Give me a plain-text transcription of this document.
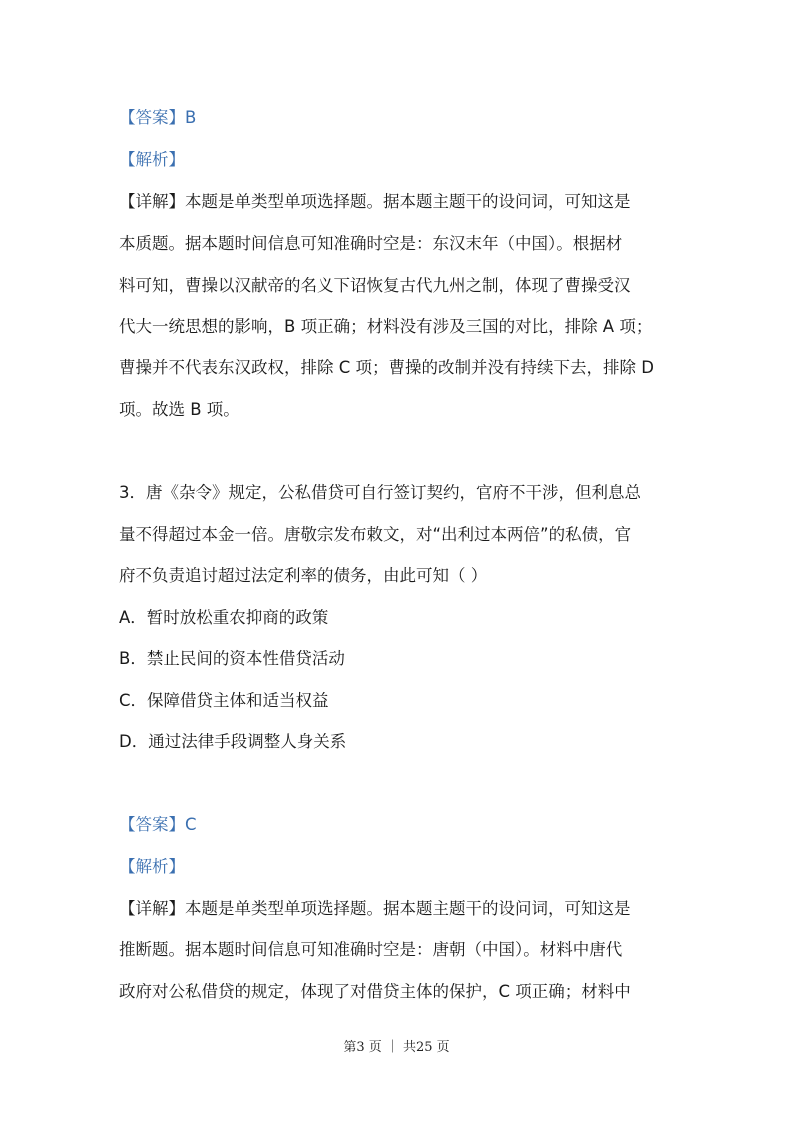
【答案】B
【解析】
【详解】本题是单类型单项选择题。据本题主题干的设问词，可知这是
本质题。据本题时间信息可知准确时空是：东汉末年（中国）。根据材
料可知，曹操以汉献帝的名义下诏恢复古代九州之制，体现了曹操受汉
代大一统思想的影响，B 项正确；材料没有涉及三国的对比，排除 A 项；
曹操并不代表东汉政权，排除 C 项；曹操的改制并没有持续下去，排除 D
项。故选 B 项。
3．唐《杂令》规定，公私借贷可自行签订契约，官府不干涉，但利息总
量不得超过本金一倍。唐敬宗发布敕文，对“出利过本两倍”的私债，官
府不负责追讨超过法定利率的债务，由此可知（ ）
A．暂时放松重农抑商的政策
B．禁止民间的资本性借贷活动
C．保障借贷主体和适当权益
D．通过法律手段调整人身关系
【答案】C
【解析】
【详解】本题是单类型单项选择题。据本题主题干的设问词，可知这是
推断题。据本题时间信息可知准确时空是：唐朝（中国）。材料中唐代
政府对公私借贷的规定，体现了对借贷主体的保护，C 项正确；材料中
第3 页 ｜ 共25 页
